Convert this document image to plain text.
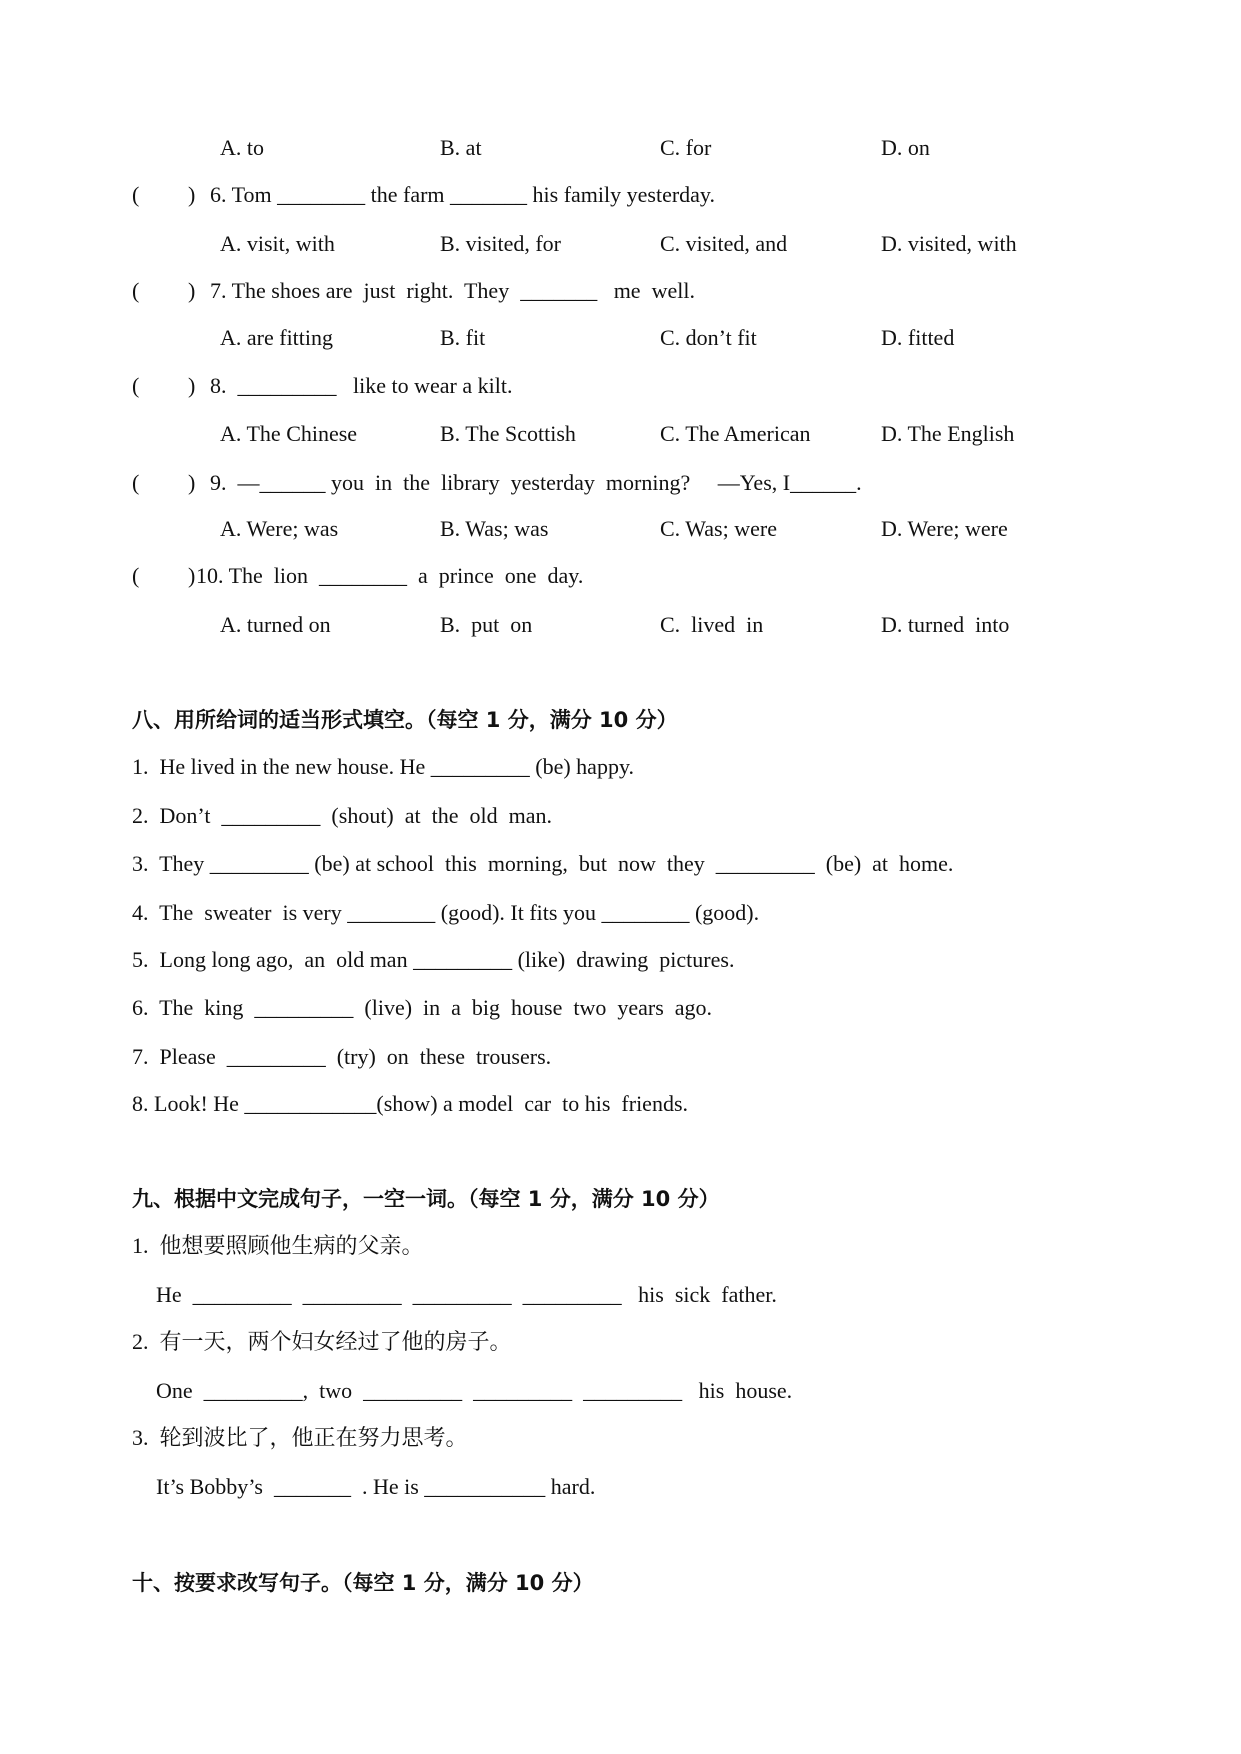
A. to	B. at	C. for	D. on
( ) 6. Tom ________ the farm _______ his family yesterday.
A. visit, with	B. visited, for	C. visited, and	D. visited, with
( ) 7. The shoes are  just  right.  They  _______   me  well.
A. are fitting	B. fit	C. don’t fit	D. fitted
( ) 8.  _________   like to wear a kilt.
A. The Chinese	B. The Scottish	C. The American	D. The English
( ) 9.  —______ you  in  the  library  yesterday  morning?     —Yes, I______.
A. Were; was	B. Was; was	C. Was; were	D. Were; were
( ) 10. The  lion  ________  a  prince  one  day.
A. turned on	B.  put  on	C.  lived  in	D. turned  into
八、用所给词的适当形式填空。（每空 1 分，满分 10 分）
1.  He lived in the new house. He _________ (be) happy.
2.  Don’t  _________  (shout)  at  the  old  man.
3.  They _________ (be) at school  this  morning,  but  now  they  _________  (be)  at  home.
4.  The  sweater  is very ________ (good). It fits you ________ (good).
5.  Long long ago,  an  old man _________ (like)  drawing  pictures.
6.  The  king  _________  (live)  in  a  big  house  two  years  ago.
7.  Please  _________  (try)  on  these  trousers.
8. Look! He ____________(show) a model  car  to his  friends.
九、根据中文完成句子，一空一词。（每空 1 分，满分 10 分）
1.  他想要照顾他生病的父亲。
He  _________  _________  _________  _________   his  sick  father.
2.  有一天，两个妇女经过了他的房子。
One  _________,  two  _________  _________  _________   his  house.
3.  轮到波比了，他正在努力思考。
It’s Bobby’s  _______  . He is ___________ hard.
十、按要求改写句子。（每空 1 分，满分 10 分）
